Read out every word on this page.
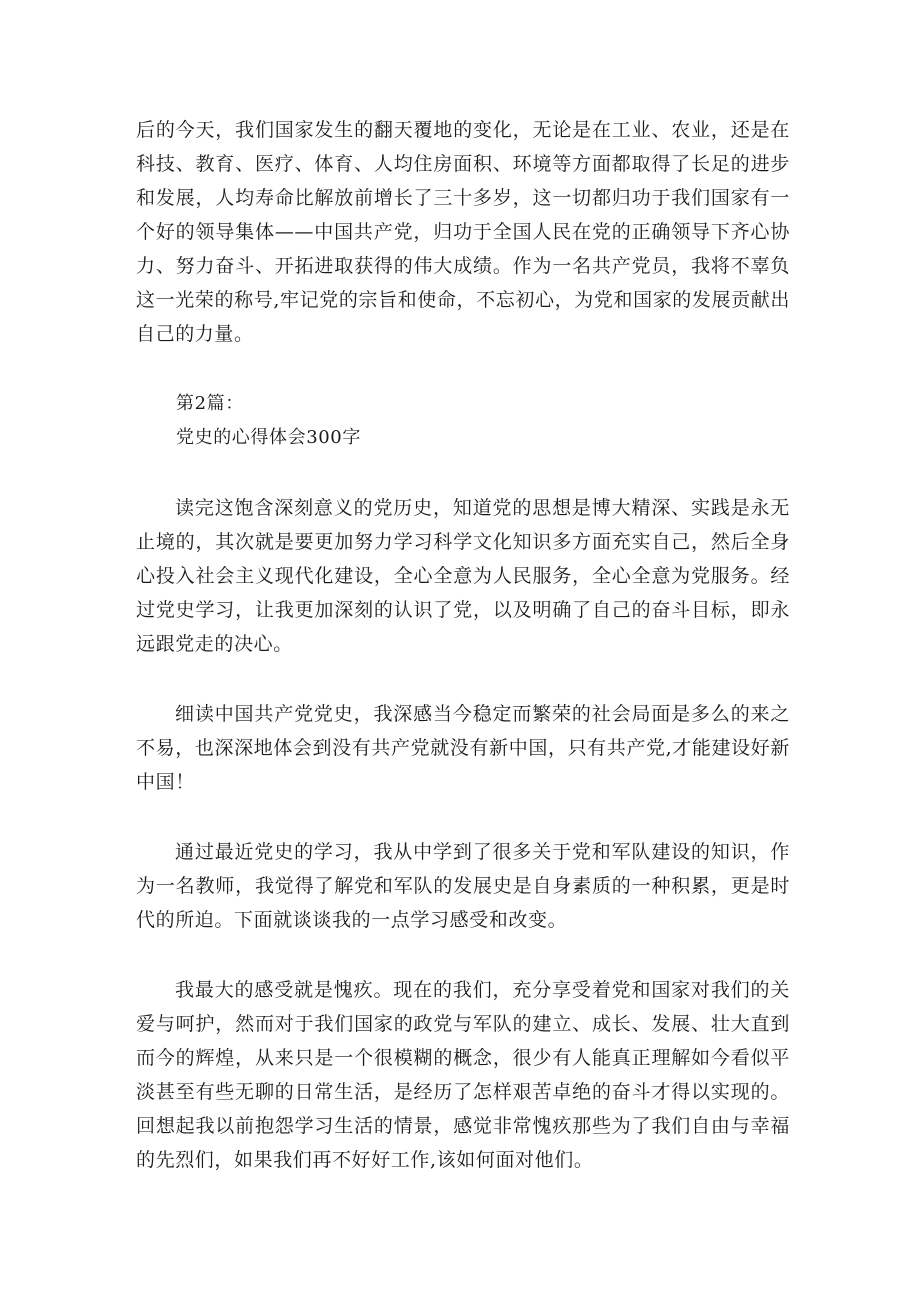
后的今天，我们国家发生的翻天覆地的变化，无论是在工业、农业，还是在科技、教育、医疗、体育、人均住房面积、环境等方面都取得了长足的进步和发展，人均寿命比解放前增长了三十多岁，这一切都归功于我们国家有一个好的领导集体——中国共产党，归功于全国人民在党的正确领导下齐心协力、努力奋斗、开拓进取获得的伟大成绩。作为一名共产党员，我将不辜负这一光荣的称号,牢记党的宗旨和使命，不忘初心，为党和国家的发展贡献出自己的力量。

第2篇：

党史的心得体会300字

读完这饱含深刻意义的党历史，知道党的思想是博大精深、实践是永无止境的，其次就是要更加努力学习科学文化知识多方面充实自己，然后全身心投入社会主义现代化建设，全心全意为人民服务，全心全意为党服务。经过党史学习，让我更加深刻的认识了党，以及明确了自己的奋斗目标，即永远跟党走的决心。

细读中国共产党党史，我深感当今稳定而繁荣的社会局面是多么的来之不易，也深深地体会到没有共产党就没有新中国，只有共产党,才能建设好新中国！

通过最近党史的学习，我从中学到了很多关于党和军队建设的知识，作为一名教师，我觉得了解党和军队的发展史是自身素质的一种积累，更是时代的所迫。下面就谈谈我的一点学习感受和改变。

我最大的感受就是愧疚。现在的我们，充分享受着党和国家对我们的关爱与呵护，然而对于我们国家的政党与军队的建立、成长、发展、壮大直到而今的辉煌，从来只是一个很模糊的概念，很少有人能真正理解如今看似平淡甚至有些无聊的日常生活，是经历了怎样艰苦卓绝的奋斗才得以实现的。回想起我以前抱怨学习生活的情景，感觉非常愧疚那些为了我们自由与幸福的先烈们，如果我们再不好好工作,该如何面对他们。
